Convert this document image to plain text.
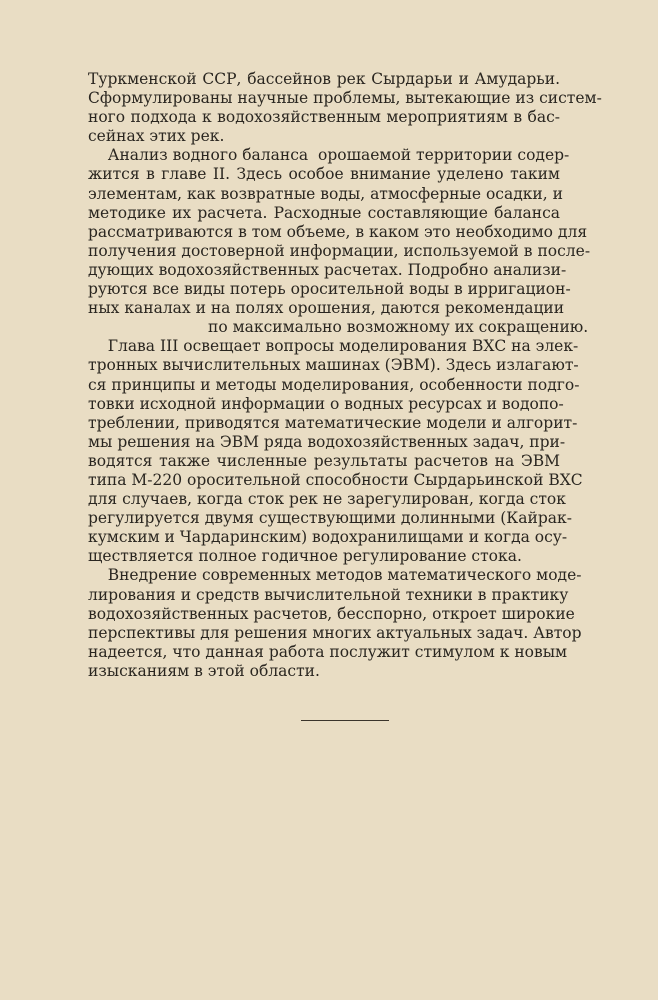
Туркменской ССР, бассейнов рек Сырдарьи и Амударьи.
Сформулированы научные проблемы, вытекающие из систем-
ного подхода к водохозяйственным мероприятиям в бас-
сейнах этих рек.
Анализ водного баланса  орошаемой территории содер-
жится в главе II. Здесь особое внимание уделено таким
элементам, как возвратные воды, атмосферные осадки, и
методике их расчета. Расходные составляющие баланса
рассматриваются в том объеме, в каком это необходимо для
получения достоверной информации, используемой в после-
дующих водохозяйственных расчетах. Подробно анализи-
руются все виды потерь оросительной воды в ирригацион-
ных каналах и на полях орошения, даются рекомендации
по максимально возможному их сокращению.
Глава III освещает вопросы моделирования ВХС на элек-
тронных вычислительных машинах (ЭВМ). Здесь излагают-
ся принципы и методы моделирования, особенности подго-
товки исходной информации о водных ресурсах и водопо-
треблении, приводятся математические модели и алгорит-
мы решения на ЭВМ ряда водохозяйственных задач, при-
водятся также численные результаты расчетов на ЭВМ
типа М-220 оросительной способности Сырдарьинской ВХС
для случаев, когда сток рек не зарегулирован, когда сток
регулируется двумя существующими долинными (Кайрак-
кумским и Чардаринским) водохранилищами и когда осу-
ществляется полное годичное регулирование стока.
Внедрение современных методов математического моде-
лирования и средств вычислительной техники в практику
водохозяйственных расчетов, бесспорно, откроет широкие
перспективы для решения многих актуальных задач. Автор
надеется, что данная работа послужит стимулом к новым
изысканиям в этой области.
